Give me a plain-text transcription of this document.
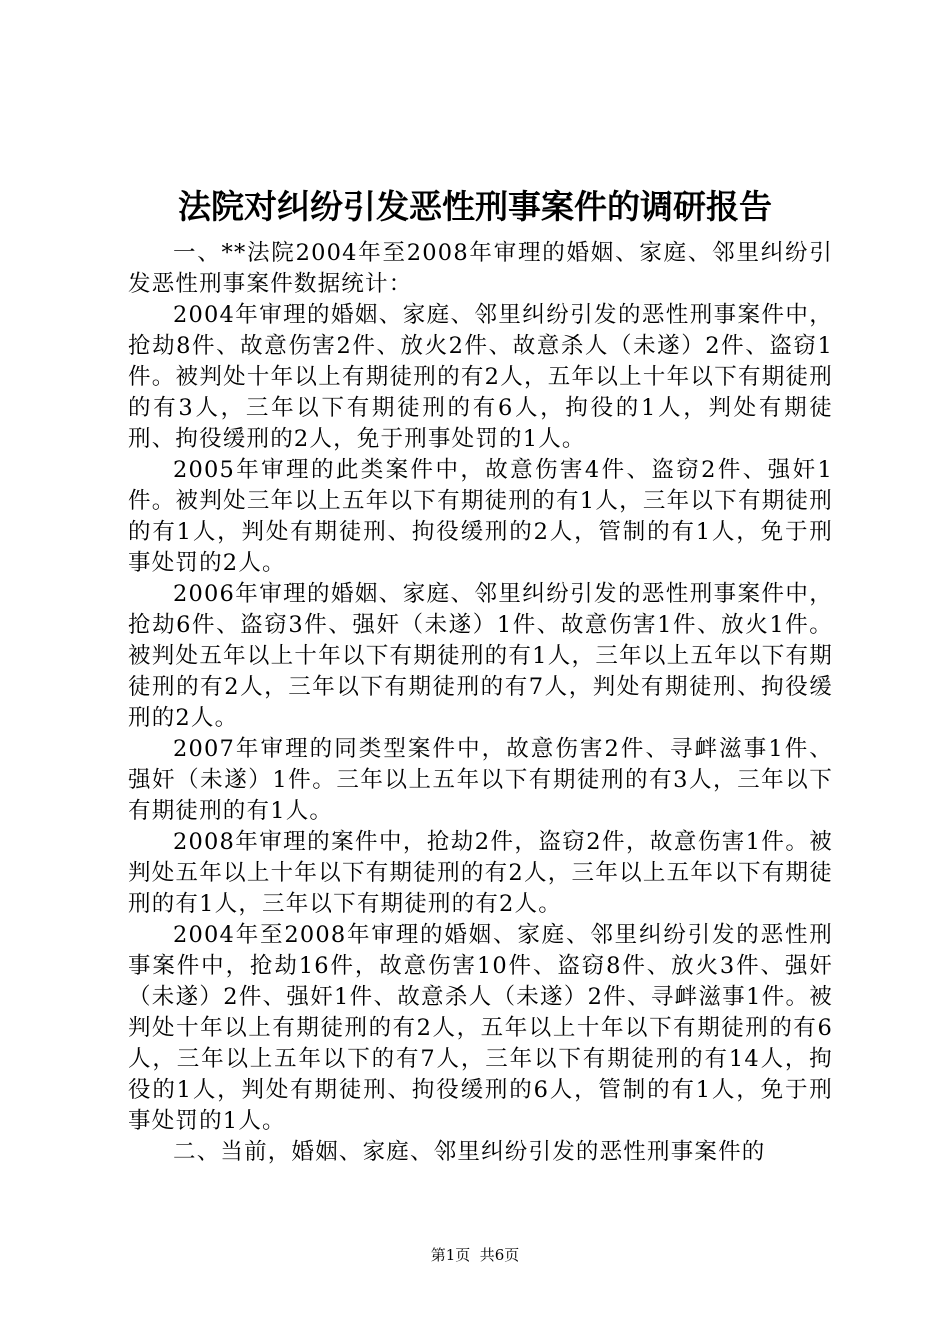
法院对纠纷引发恶性刑事案件的调研报告

一、**法院2004年至2008年审理的婚姻、家庭、邻里纠纷引发恶性刑事案件数据统计：

2004年审理的婚姻、家庭、邻里纠纷引发的恶性刑事案件中，抢劫8件、故意伤害2件、放火2件、故意杀人（未遂）2件、盗窃1件。被判处十年以上有期徒刑的有2人，五年以上十年以下有期徒刑的有3人，三年以下有期徒刑的有6人，拘役的1人，判处有期徒刑、拘役缓刑的2人，免于刑事处罚的1人。

2005年审理的此类案件中，故意伤害4件、盗窃2件、强奸1件。被判处三年以上五年以下有期徒刑的有1人，三年以下有期徒刑的有1人，判处有期徒刑、拘役缓刑的2人，管制的有1人，免于刑事处罚的2人。

2006年审理的婚姻、家庭、邻里纠纷引发的恶性刑事案件中，抢劫6件、盗窃3件、强奸（未遂）1件、故意伤害1件、放火1件。被判处五年以上十年以下有期徒刑的有1人，三年以上五年以下有期徒刑的有2人，三年以下有期徒刑的有7人，判处有期徒刑、拘役缓刑的2人。

2007年审理的同类型案件中，故意伤害2件、寻衅滋事1件、强奸（未遂）1件。三年以上五年以下有期徒刑的有3人，三年以下有期徒刑的有1人。

2008年审理的案件中，抢劫2件，盗窃2件，故意伤害1件。被判处五年以上十年以下有期徒刑的有2人，三年以上五年以下有期徒刑的有1人，三年以下有期徒刑的有2人。

2004年至2008年审理的婚姻、家庭、邻里纠纷引发的恶性刑事案件中，抢劫16件，故意伤害10件、盗窃8件、放火3件、强奸（未遂）2件、强奸1件、故意杀人（未遂）2件、寻衅滋事1件。被判处十年以上有期徒刑的有2人，五年以上十年以下有期徒刑的有6人，三年以上五年以下的有7人，三年以下有期徒刑的有14人，拘役的1人，判处有期徒刑、拘役缓刑的6人，管制的有1人，免于刑事处罚的1人。

二、当前，婚姻、家庭、邻里纠纷引发的恶性刑事案件的

第1页  共6页
